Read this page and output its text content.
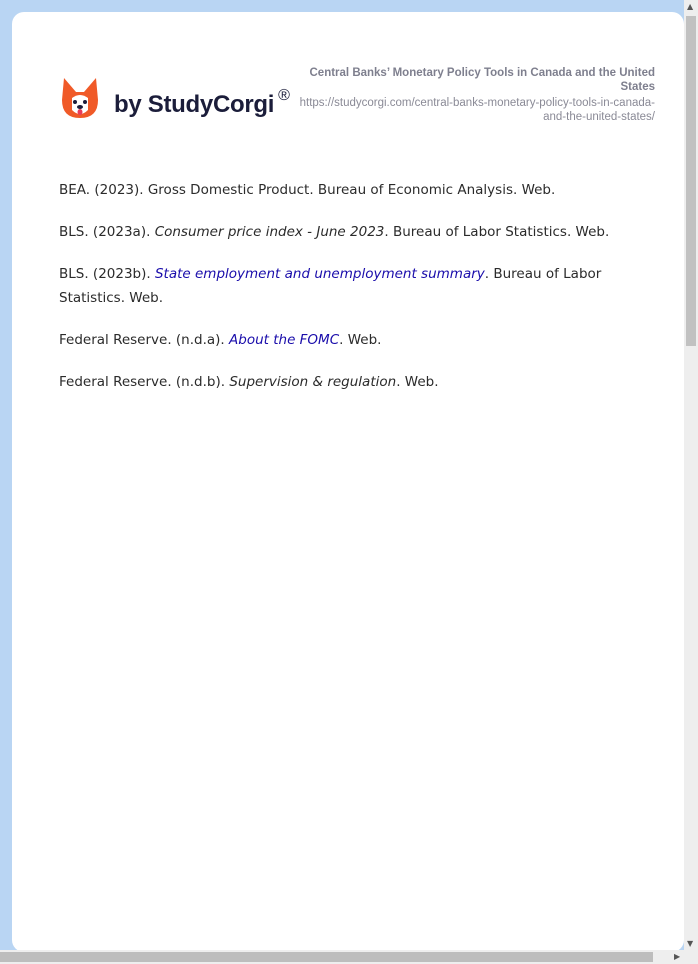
by StudyCorgi ®
Central Banks’ Monetary Policy Tools in Canada and the United States
https://studycorgi.com/central-banks-monetary-policy-tools-in-canada-and-the-united-states/

BEA. (2023). Gross Domestic Product. Bureau of Economic Analysis. Web.

BLS. (2023a). Consumer price index - June 2023. Bureau of Labor Statistics. Web.

BLS. (2023b). State employment and unemployment summary. Bureau of Labor Statistics. Web.

Federal Reserve. (n.d.a). About the FOMC. Web.

Federal Reserve. (n.d.b). Supervision & regulation. Web.

▲
▼
▶
